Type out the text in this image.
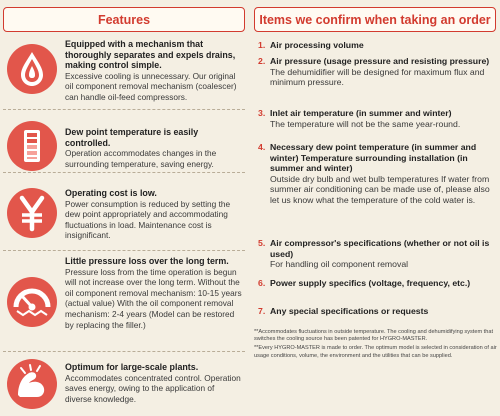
Features	Items we confirm when taking an order
Equipped with a mechanism that thoroughly separates and expels drains, making control simple.
Excessive cooling is unnecessary. Our original oil component removal mechanism (coalescer) can handle oil-feed compressors.
Dew point temperature is easily controlled.
Operation accommodates changes in the surrounding temperature, saving energy.
Operating cost is low.
Power consumption is reduced by setting the dew point appropriately and accommodating fluctuations in load. Maintenance cost is insignificant.
Little pressure loss over the long term.
Pressure loss from the time operation is begun will not increase over the long term. Without the oil component removal mechanism: 10-15 years (actual value) With the oil component removal mechanism: 2-4 years (Model can be restored by replacing the filler.)
Optimum for large-scale plants.
Accommodates concentrated control. Operation saves energy, owing to the application of diverse knowledge.
1. Air processing volume
2. Air pressure (usage pressure and resisting pressure)
The dehumidifier will be designed for maximum flux and minimum pressure.
3. Inlet air temperature (in summer and winter)
The temperature will not be the same year-round.
4. Necessary dew point temperature (in summer and winter) Temperature surrounding installation (in summer and winter)
Outside dry bulb and wet bulb temperatures If water from summer air conditioning can be made use of, please also let us know what the temperature of the cold water is.
5. Air compressor's specifications (whether or not oil is used)
For handling oil component removal
6. Power supply specifics (voltage, frequency, etc.)
7. Any special specifications or requests
**Accommodates fluctuations in outside temperature. The cooling and dehumidifying system that switches the cooling source has been patented for HYGRO-MASTER.
**Every HYGRO-MASTER is made to order. The optimum model is selected in consideration of air usage conditions, volume, the environment and the utilities that can be supplied.
